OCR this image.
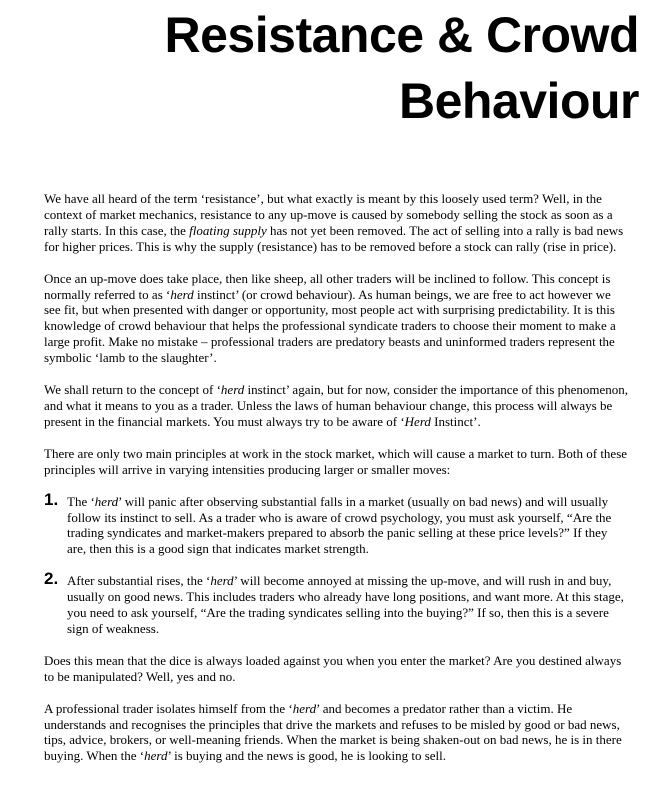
Resistance & Crowd
Behaviour

We have all heard of the term ‘resistance’, but what exactly is meant by this loosely used term? Well, in the context of market mechanics, resistance to any up-move is caused by somebody selling the stock as soon as a rally starts. In this case, the floating supply has not yet been removed. The act of selling into a rally is bad news for higher prices. This is why the supply (resistance) has to be removed before a stock can rally (rise in price).

Once an up-move does take place, then like sheep, all other traders will be inclined to follow. This concept is normally referred to as ‘herd instinct’ (or crowd behaviour). As human beings, we are free to act however we see fit, but when presented with danger or opportunity, most people act with surprising predictability. It is this knowledge of crowd behaviour that helps the professional syndicate traders to choose their moment to make a large profit. Make no mistake – professional traders are predatory beasts and uninformed traders represent the symbolic ‘lamb to the slaughter’.

We shall return to the concept of ‘herd instinct’ again, but for now, consider the importance of this phenomenon, and what it means to you as a trader. Unless the laws of human behaviour change, this process will always be present in the financial markets. You must always try to be aware of ‘Herd Instinct’.

There are only two main principles at work in the stock market, which will cause a market to turn. Both of these principles will arrive in varying intensities producing larger or smaller moves:

1. The ‘herd’ will panic after observing substantial falls in a market (usually on bad news) and will usually follow its instinct to sell. As a trader who is aware of crowd psychology, you must ask yourself, “Are the trading syndicates and market-makers prepared to absorb the panic selling at these price levels?” If they are, then this is a good sign that indicates market strength.
2. After substantial rises, the ‘herd’ will become annoyed at missing the up-move, and will rush in and buy, usually on good news. This includes traders who already have long positions, and want more. At this stage, you need to ask yourself, “Are the trading syndicates selling into the buying?” If so, then this is a severe sign of weakness.

Does this mean that the dice is always loaded against you when you enter the market? Are you destined always to be manipulated? Well, yes and no.

A professional trader isolates himself from the ‘herd’ and becomes a predator rather than a victim. He understands and recognises the principles that drive the markets and refuses to be misled by good or bad news, tips, advice, brokers, or well-meaning friends. When the market is being shaken-out on bad news, he is in there buying. When the ‘herd’ is buying and the news is good, he is looking to sell.
